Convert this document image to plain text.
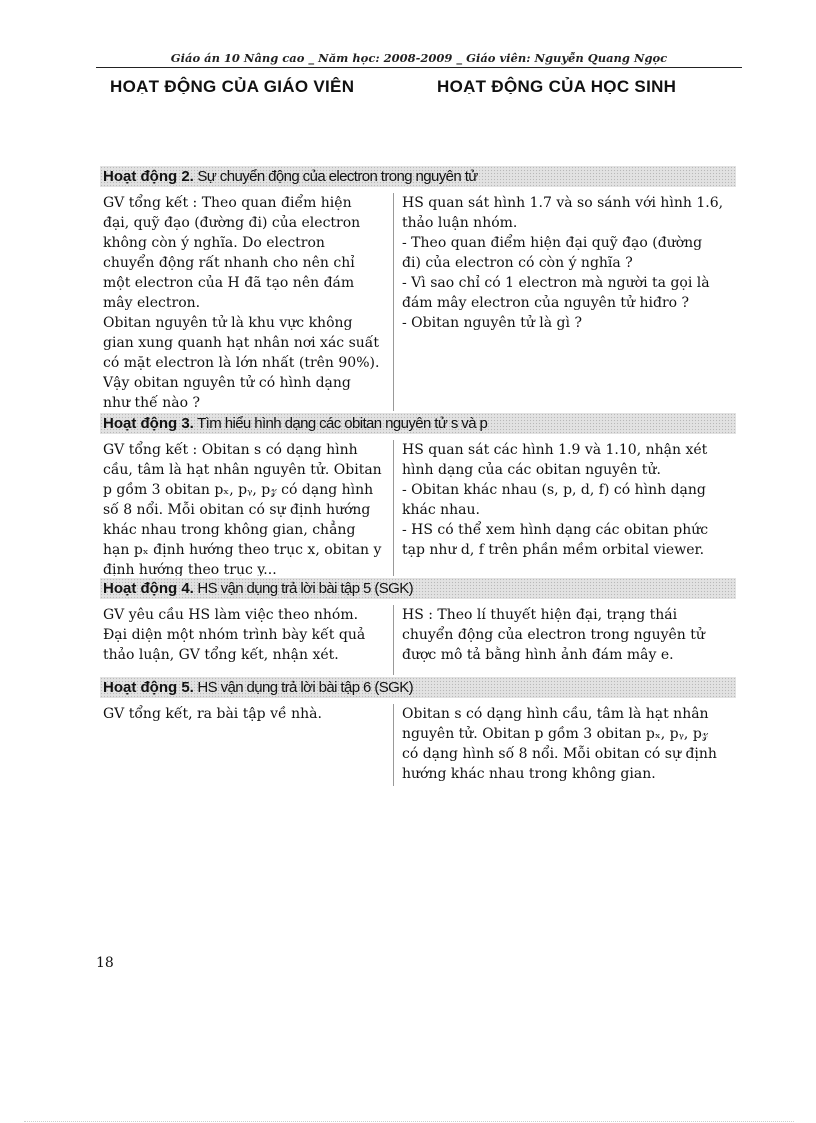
Giáo án 10 Nâng cao _ Năm học: 2008-2009 _ Giáo viên: Nguyễn Quang Ngọc
HOẠT ĐỘNG CỦA GIÁO VIÊN	HOẠT ĐỘNG CỦA HỌC SINH
Hoạt động 2. Sự chuyển động của electron trong nguyên tử
GV tổng kết : Theo quan điểm hiện
đại, quỹ đạo (đường đi) của electron
không còn ý nghĩa. Do electron
chuyển động rất nhanh cho nên chỉ
một electron của H đã tạo nên đám
mây electron.
Obitan nguyên tử là khu vực không
gian xung quanh hạt nhân nơi xác suất
có mặt electron là lớn nhất (trên 90%).
Vậy obitan nguyên tử có hình dạng
như thế nào ?
HS quan sát hình 1.7 và so sánh với hình 1.6,
thảo luận nhóm.
- Theo quan điểm hiện đại quỹ đạo (đường
đi) của electron có còn ý nghĩa ?
- Vì sao chỉ có 1 electron mà người ta gọi là
đám mây electron của nguyên tử hiđro ?
- Obitan nguyên tử là gì ?
Hoạt động 3. Tìm hiểu hình dạng các obitan nguyên tử s và p
GV tổng kết : Obitan s có dạng hình
cầu, tâm là hạt nhân nguyên tử. Obitan
p gồm 3 obitan pₓ, pᵧ, p𝓏 có dạng hình
số 8 nổi. Mỗi obitan có sự định hướng
khác nhau trong không gian, chẳng
hạn pₓ định hướng theo trục x, obitan y
định hướng theo trục y...
HS quan sát các hình 1.9 và 1.10, nhận xét
hình dạng của các obitan nguyên tử.
- Obitan khác nhau (s, p, d, f) có hình dạng
khác nhau.
- HS có thể xem hình dạng các obitan phức
tạp như d, f trên phần mềm orbital viewer.
Hoạt động 4. HS vận dụng trả lời bài tập 5 (SGK)
GV yêu cầu HS làm việc theo nhóm.
Đại diện một nhóm trình bày kết quả
thảo luận, GV tổng kết, nhận xét.
HS : Theo lí thuyết hiện đại, trạng thái
chuyển động của electron trong nguyên tử
được mô tả bằng hình ảnh đám mây e.
Hoạt động 5. HS vận dụng trả lời bài tập 6 (SGK)
GV tổng kết, ra bài tập về nhà.	Obitan s có dạng hình cầu, tâm là hạt nhân
nguyên tử. Obitan p gồm 3 obitan pₓ, pᵧ, p𝓏
có dạng hình số 8 nổi. Mỗi obitan có sự định
hướng khác nhau trong không gian.
18
